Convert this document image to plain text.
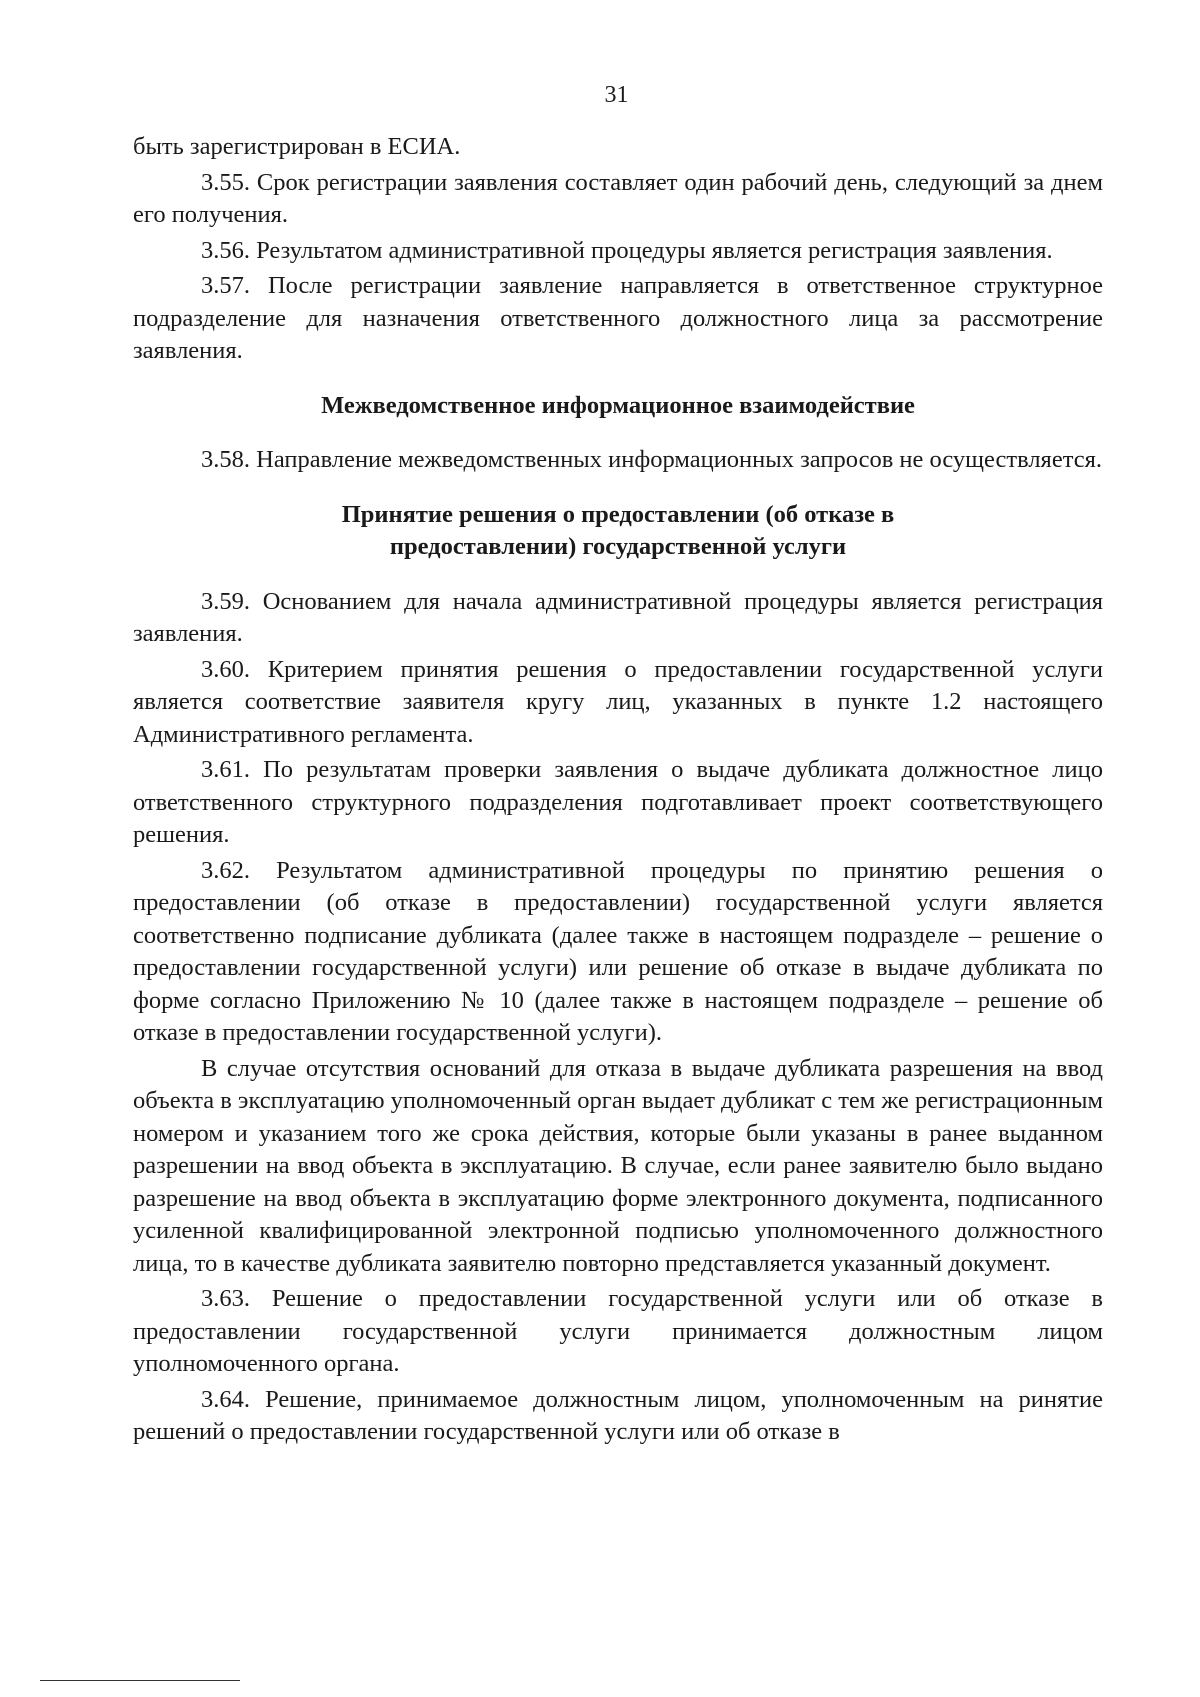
31

быть зарегистрирован в ЕСИА.

3.55. Срок регистрации заявления составляет один рабочий день, следующий за днем его получения.

3.56. Результатом административной процедуры является регистрация заявления.

3.57. После регистрации заявление направляется в ответственное структурное подразделение для назначения ответственного должностного лица за рассмотрение заявления.

Межведомственное информационное взаимодействие

3.58. Направление межведомственных информационных запросов не осуществляется.

Принятие решения о предоставлении (об отказе в предоставлении) государственной услуги

3.59. Основанием для начала административной процедуры является регистрация заявления.

3.60. Критерием принятия решения о предоставлении государственной услуги является соответствие заявителя кругу лиц, указанных в пункте 1.2 настоящего Административного регламента.

3.61. По результатам проверки заявления о выдаче дубликата должностное лицо ответственного структурного подразделения подготавливает проект соответствующего решения.

3.62. Результатом административной процедуры по принятию решения о предоставлении (об отказе в предоставлении) государственной услуги является соответственно подписание дубликата (далее также в настоящем подразделе – решение о предоставлении государственной услуги) или решение об отказе в выдаче дубликата по форме согласно Приложению № 10 (далее также в настоящем подразделе – решение об отказе в предоставлении государственной услуги).

В случае отсутствия оснований для отказа в выдаче дубликата разрешения на ввод объекта в эксплуатацию уполномоченный орган выдает дубликат с тем же регистрационным номером и указанием того же срока действия, которые были указаны в ранее выданном разрешении на ввод объекта в эксплуатацию. В случае, если ранее заявителю было выдано разрешение на ввод объекта в эксплуатацию форме электронного документа, подписанного усиленной квалифицированной электронной подписью уполномоченного должностного лица, то в качестве дубликата заявителю повторно представляется указанный документ.

3.63. Решение о предоставлении государственной услуги или об отказе в предоставлении государственной услуги принимается должностным лицом уполномоченного органа.

3.64. Решение, принимаемое должностным лицом, уполномоченным на ринятие решений о предоставлении государственной услуги или об отказе в
